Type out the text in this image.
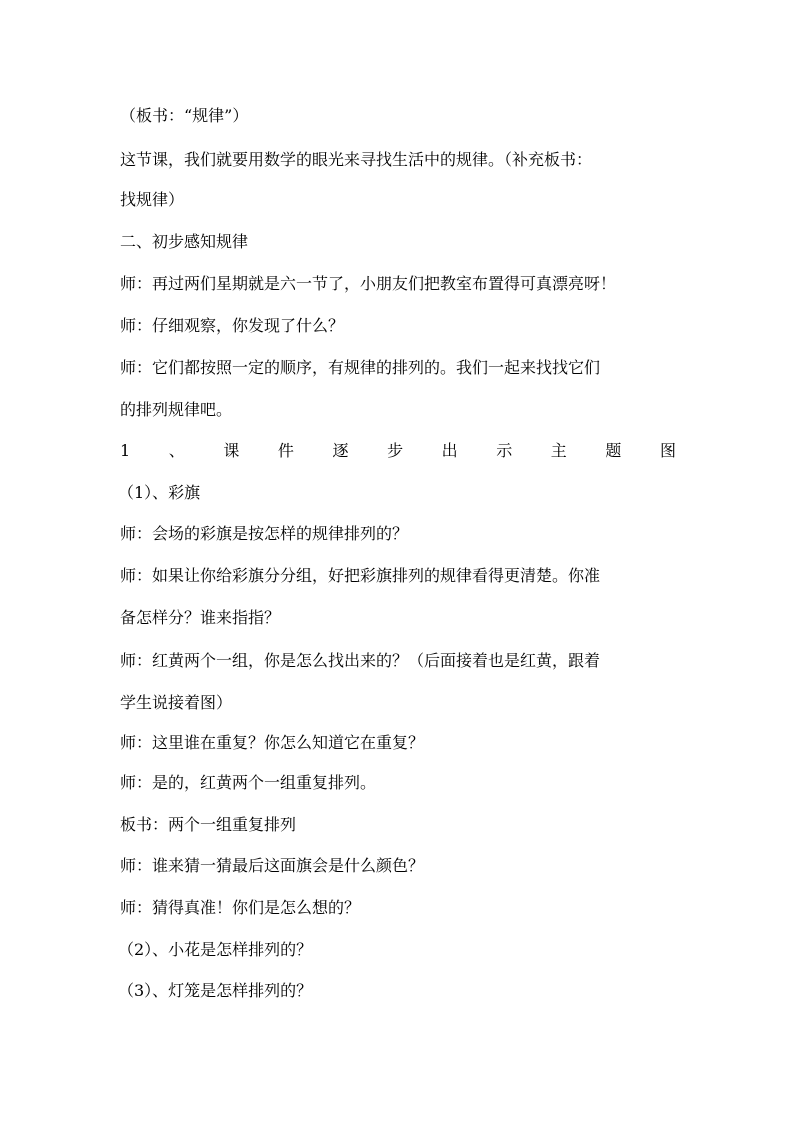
（板书：“规律”）
这节课，我们就要用数学的眼光来寻找生活中的规律。（补充板书：
找规律）
二、初步感知规律
师：再过两们星期就是六一节了，小朋友们把教室布置得可真漂亮呀！
师：仔细观察，你发现了什么？
师：它们都按照一定的顺序，有规律的排列的。我们一起来找找它们
的排列规律吧。
1 、 课 件 逐 步 出 示 主 题 图
（1）、彩旗
师：会场的彩旗是按怎样的规律排列的？
师：如果让你给彩旗分分组，好把彩旗排列的规律看得更清楚。你准
备怎样分？谁来指指？
师：红黄两个一组，你是怎么找出来的？（后面接着也是红黄，跟着
学生说接着图）
师：这里谁在重复？你怎么知道它在重复？
师：是的，红黄两个一组重复排列。
板书：两个一组重复排列
师：谁来猜一猜最后这面旗会是什么颜色？
师：猜得真准！你们是怎么想的？
（2）、小花是怎样排列的？
（3）、灯笼是怎样排列的？
